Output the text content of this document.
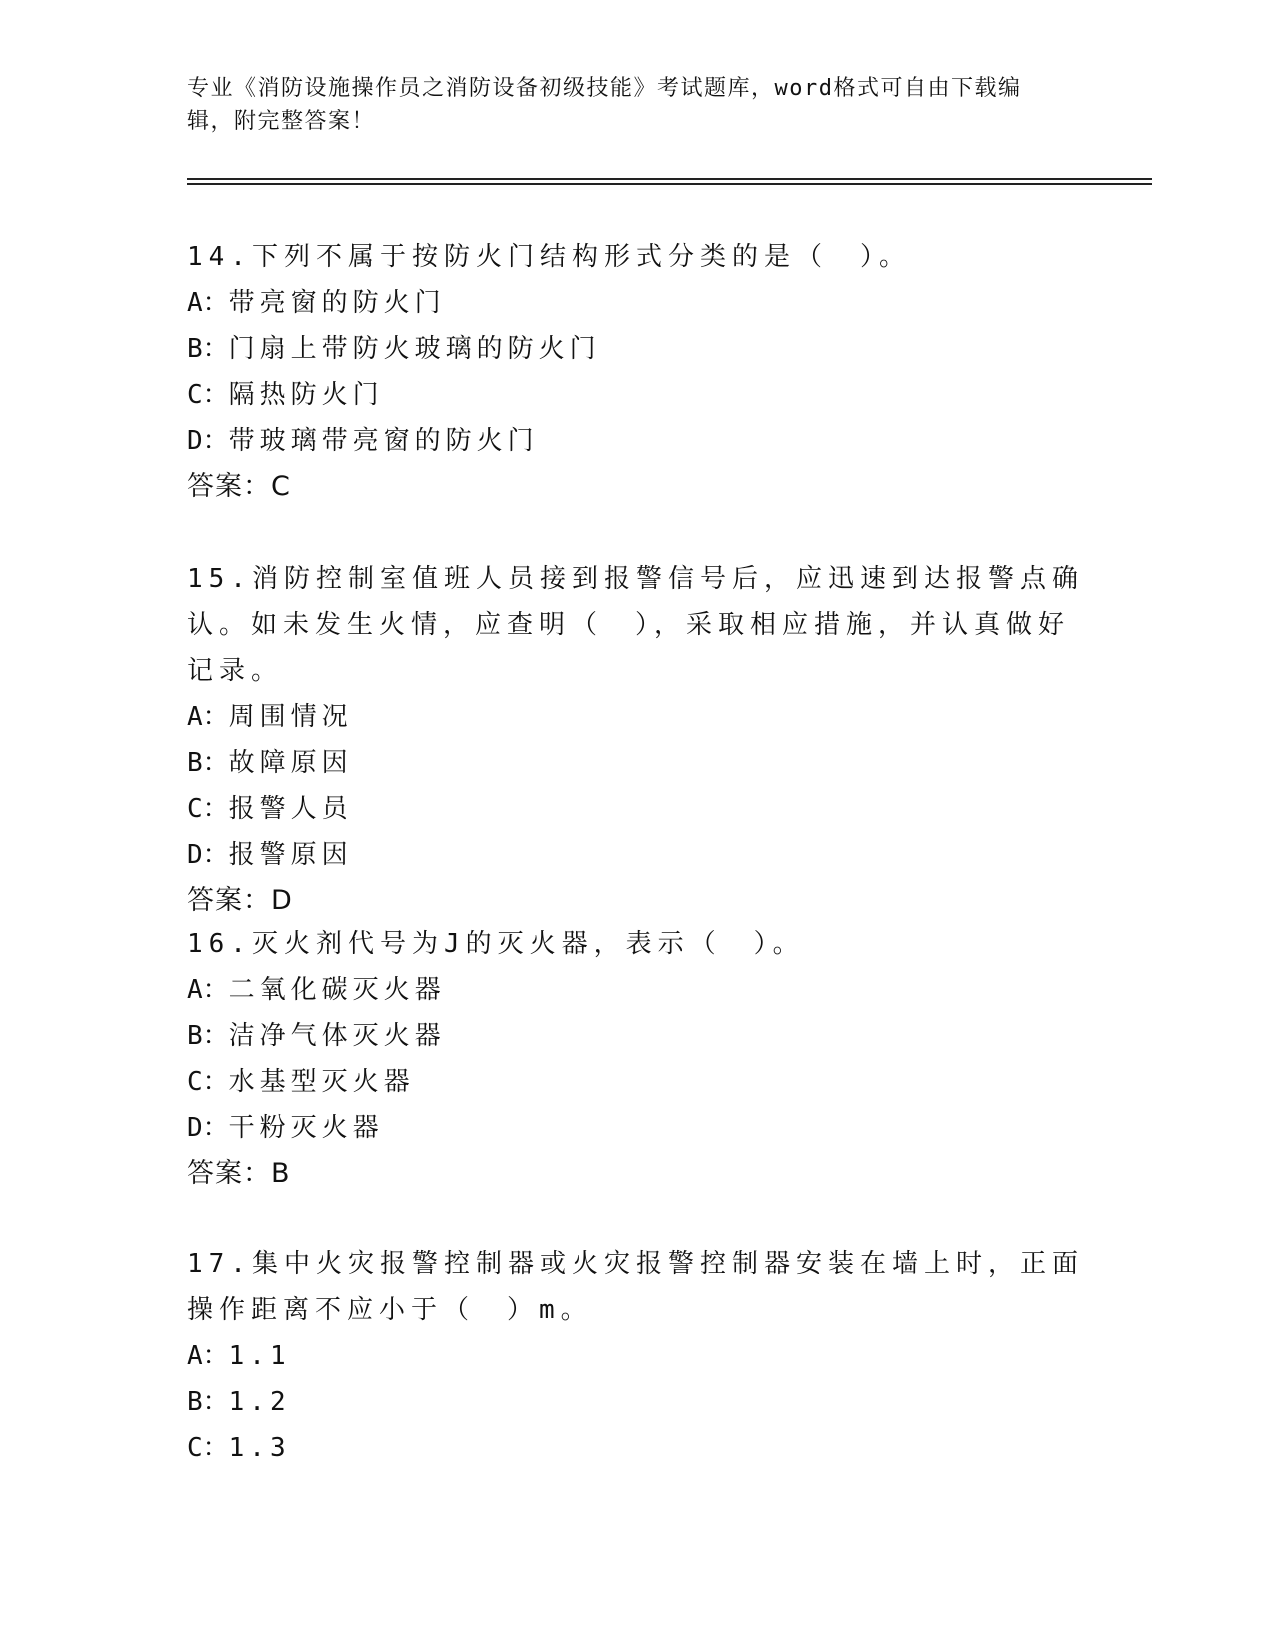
专业《消防设施操作员之消防设备初级技能》考试题库，word格式可自由下载编辑，附完整答案！

14.下列不属于按防火门结构形式分类的是（　）。

A：带亮窗的防火门

B：门扇上带防火玻璃的防火门

C：隔热防火门

D：带玻璃带亮窗的防火门

答案：C

15.消防控制室值班人员接到报警信号后，应迅速到达报警点确认。如未发生火情，应查明（　），采取相应措施，并认真做好记录。

A：周围情况

B：故障原因

C：报警人员

D：报警原因

答案：D

16.灭火剂代号为J的灭火器，表示（　）。

A：二氧化碳灭火器

B：洁净气体灭火器

C：水基型灭火器

D：干粉灭火器

答案：B

17.集中火灾报警控制器或火灾报警控制器安装在墙上时，正面操作距离不应小于（　）m。

A：1.1

B：1.2

C：1.3
